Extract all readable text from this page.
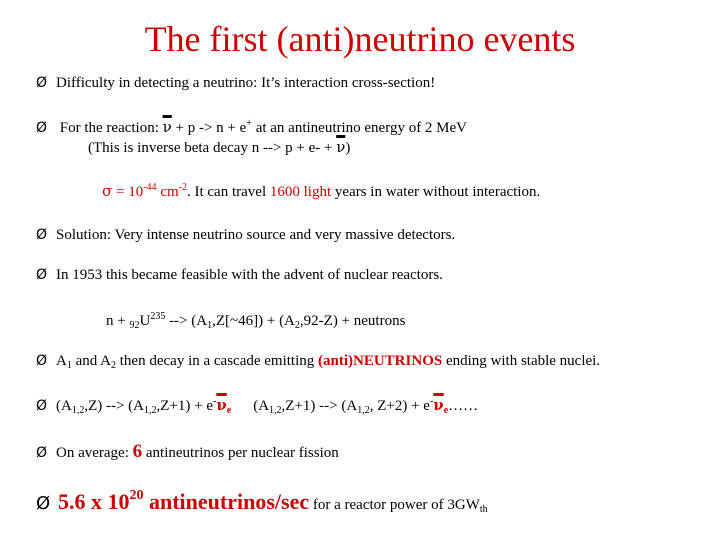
The first (anti)neutrino events
Ø Difficulty in detecting a neutrino: It’s interaction cross-section!
Ø For the reaction: $\overline{\nu} + p -> n + e^+$ at an antineutrino energy of 2 MeV
(This is inverse beta decay n --> $p + e- + \overline{\nu}$)
$\sigma = 10^{-44}$ $cm^{-2}$. It can travel 1600 light years in water without interaction.
Ø Solution: Very intense neutrino source and very massive detectors.
Ø In 1953 this became feasible with the advent of nuclear reactors.
$n + _{92}U^{235}$ --> $(A_1,Z[\sim 46]) + (A_2,92-Z)$ + neutrons
Ø $A_1$ and $A_2$ then decay in a cascade emitting (anti)NEUTRINOS ending with stable nuclei.
Ø $(A_{1,2},Z)$ --> $(A_{1,2},Z+1) + e^-\overline{\nu}_e$ $(A_{1,2},Z+1)$ --> ($A_{1,2}$, $Z+2) + e^-\overline{\nu}_e\dots\dots$
Ø On average: 6 antineutrinos per nuclear fission
Ø 5.6 x 1020 antineutrinos/sec for a reactor power of $3GW_{th}$
